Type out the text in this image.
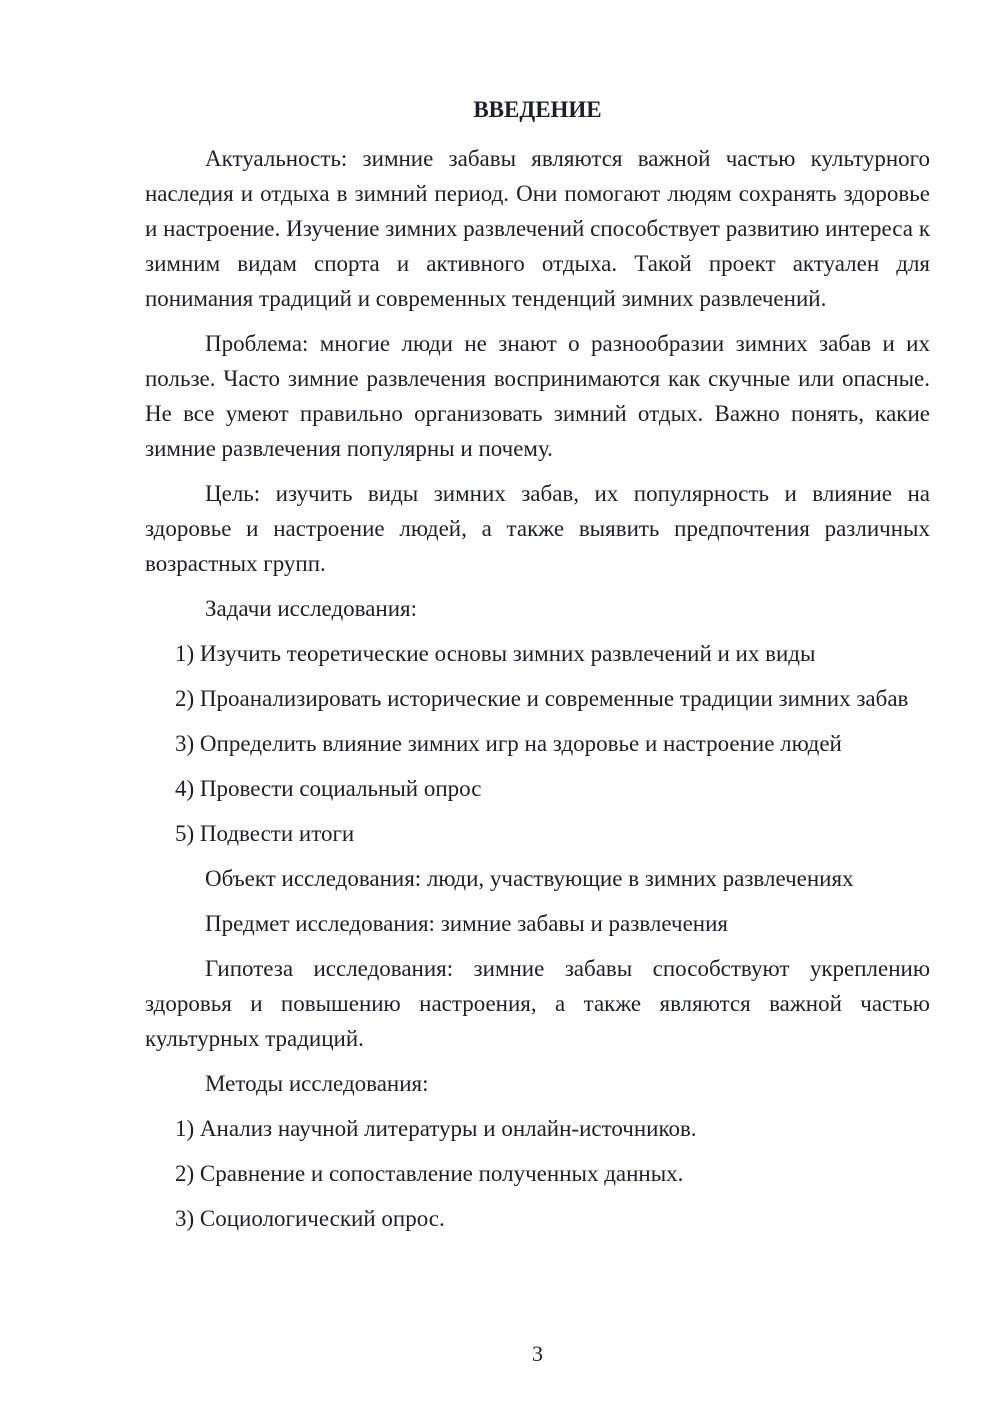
ВВЕДЕНИЕ

Актуальность: зимние забавы являются важной частью культурного наследия и отдыха в зимний период. Они помогают людям сохранять здоровье и настроение. Изучение зимних развлечений способствует развитию интереса к зимним видам спорта и активного отдыха. Такой проект актуален для понимания традиций и современных тенденций зимних развлечений.

Проблема: многие люди не знают о разнообразии зимних забав и их пользе. Часто зимние развлечения воспринимаются как скучные или опасные. Не все умеют правильно организовать зимний отдых. Важно понять, какие зимние развлечения популярны и почему.

Цель: изучить виды зимних забав, их популярность и влияние на здоровье и настроение людей, а также выявить предпочтения различных возрастных групп.

Задачи исследования:

1) Изучить теоретические основы зимних развлечений и их виды

2) Проанализировать исторические и современные традиции зимних забав

3) Определить влияние зимних игр на здоровье и настроение людей

4) Провести социальный опрос

5) Подвести итоги

Объект исследования: люди, участвующие в зимних развлечениях

Предмет исследования: зимние забавы и развлечения

Гипотеза исследования: зимние забавы способствуют укреплению здоровья и повышению настроения, а также являются важной частью культурных традиций.

Методы исследования:

1) Анализ научной литературы и онлайн-источников.

2) Сравнение и сопоставление полученных данных.

3) Социологический опрос.

3
